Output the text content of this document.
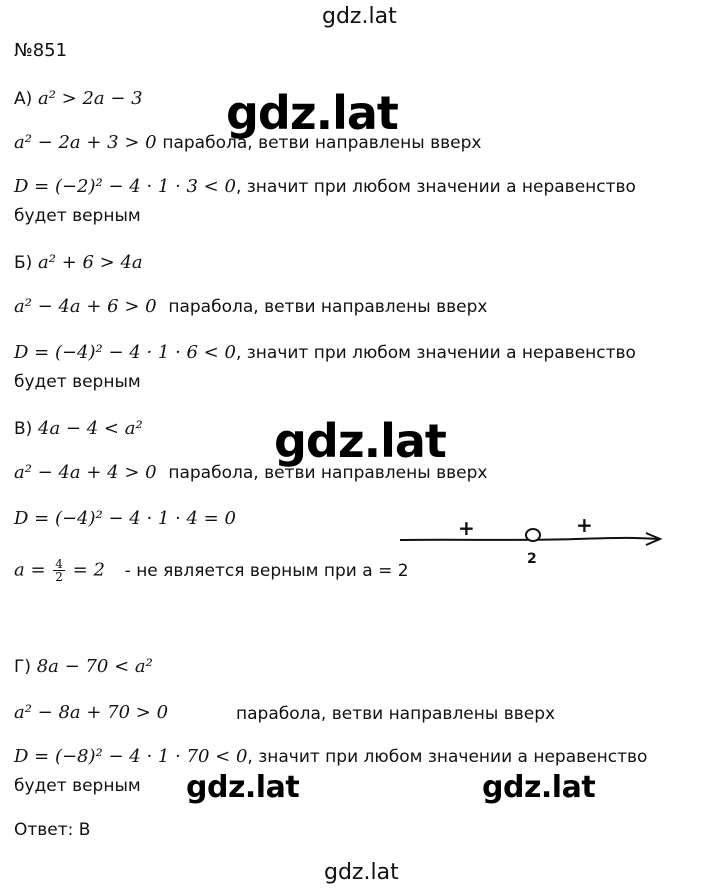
gdz.lat
№851
А) a² > 2a − 3
a² − 2a + 3 > 0 парабола, ветви направлены вверх
D = (−2)² − 4 · 1 · 3 < 0, значит при любом значении а неравенство
будет верным
Б) a² + 6 > 4a
a² − 4a + 6 > 0 парабола, ветви направлены вверх
D = (−4)² − 4 · 1 · 6 < 0, значит при любом значении а неравенство
будет верным
В) 4a − 4 < a²
a² − 4a + 4 > 0 парабола, ветви направлены вверх
D = (−4)² − 4 · 1 · 4 = 0
$a = \frac{4}{2} = 2$ - не является верным при а = 2
+	+
2
Г) 8a − 70 < a²
a² − 8a + 70 > 0	парабола, ветви направлены вверх
D = (−8)² − 4 · 1 · 70 < 0, значит при любом значении а неравенство
будет верным
Ответ: В
gdz.lat
gdz.lat
gdz.lat
gdz.lat	gdz.lat
